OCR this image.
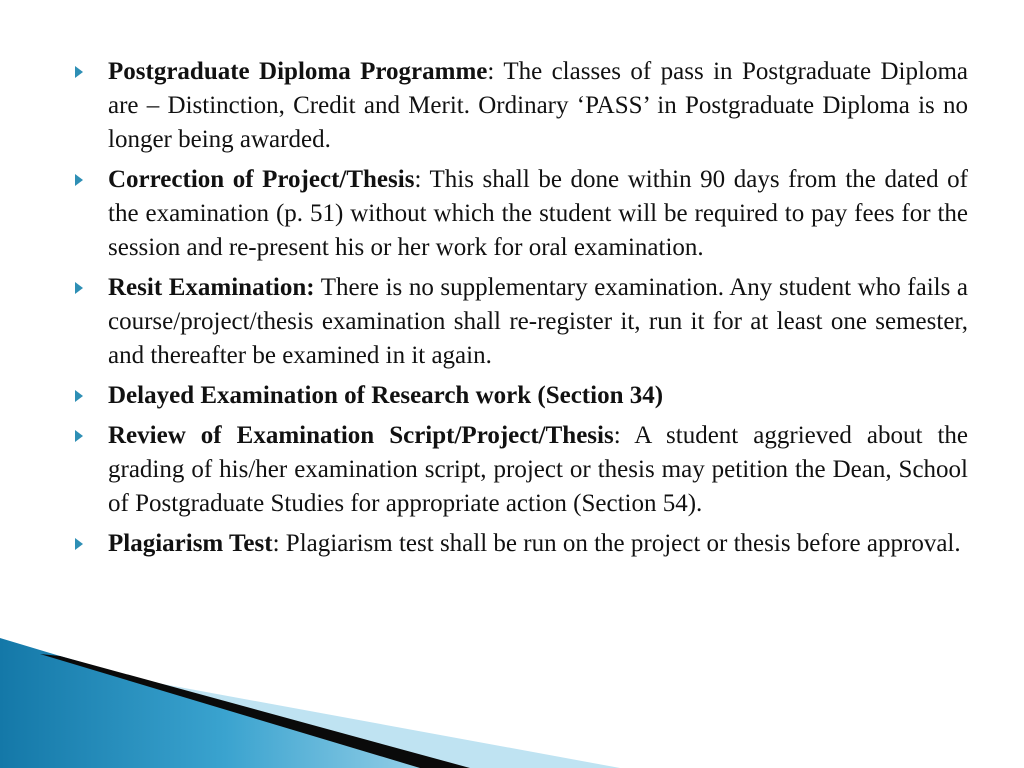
Postgraduate Diploma Programme: The classes of pass in Postgraduate Diploma are – Distinction, Credit and Merit. Ordinary ‘PASS’ in Postgraduate Diploma is no longer being awarded.
Correction of Project/Thesis: This shall be done within 90 days from the dated of the examination (p. 51) without which the student will be required to pay fees for the session and re-present his or her work for oral examination.
Resit Examination: There is no supplementary examination. Any student who fails a course/project/thesis examination shall re-register it, run it for at least one semester, and thereafter be examined in it again.
Delayed Examination of Research work (Section 34)
Review of Examination Script/Project/Thesis: A student aggrieved about the grading of his/her examination script, project or thesis may petition the Dean, School of Postgraduate Studies for appropriate action (Section 54).
Plagiarism Test: Plagiarism test shall be run on the project or thesis before approval.
